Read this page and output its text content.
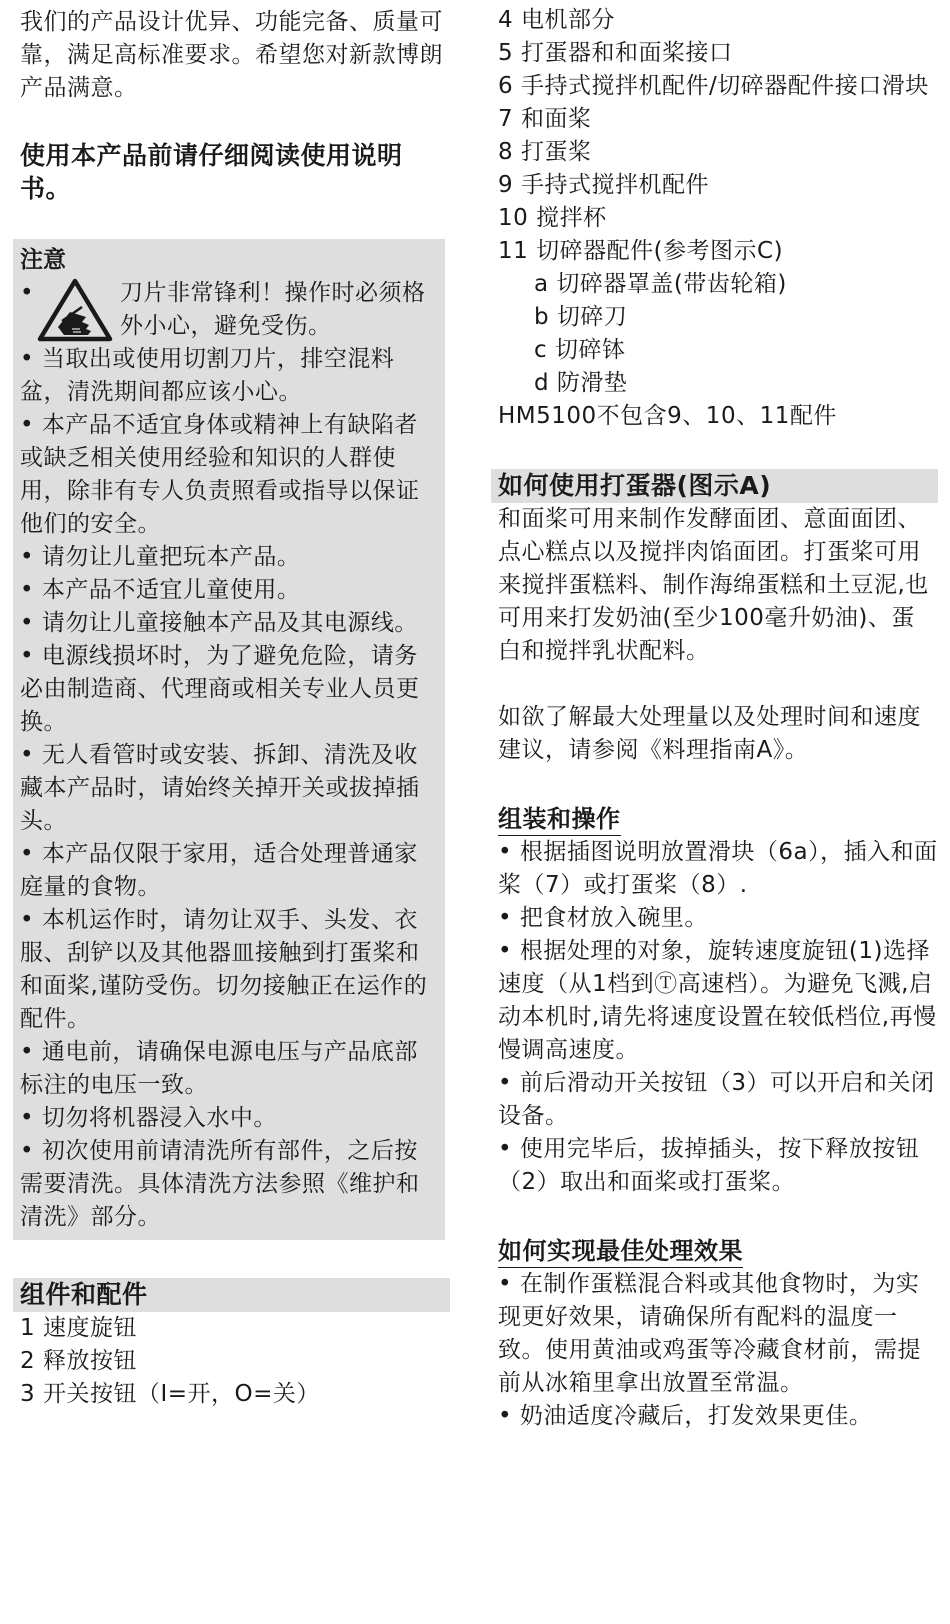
我们的产品设计优异、功能完备、质量可靠，满足高标准要求。希望您对新款博朗产品满意。

使用本产品前请仔细阅读使用说明书。

注意
•	刀片非常锋利！操作时必须格外小心，避免受伤。
• 当取出或使用切割刀片，排空混料盆，清洗期间都应该小心。
• 本产品不适宜身体或精神上有缺陷者或缺乏相关使用经验和知识的人群使用，除非有专人负责照看或指导以保证他们的安全。
• 请勿让儿童把玩本产品。
• 本产品不适宜儿童使用。
• 请勿让儿童接触本产品及其电源线。
• 电源线损坏时，为了避免危险，请务必由制造商、代理商或相关专业人员更换。
• 无人看管时或安装、拆卸、清洗及收藏本产品时，请始终关掉开关或拔掉插头。
• 本产品仅限于家用，适合处理普通家庭量的食物。
• 本机运作时，请勿让双手、头发、衣服、刮铲以及其他器皿接触到打蛋桨和和面桨,谨防受伤。切勿接触正在运作的配件。
• 通电前，请确保电源电压与产品底部标注的电压一致。
• 切勿将机器浸入水中。
• 初次使用前请清洗所有部件，之后按需要清洗。具体清洗方法参照《维护和清洗》部分。
组件和配件
1 速度旋钮
2 释放按钮
3 开关按钮（I=开，O=关）
4 电机部分
5 打蛋器和和面桨接口
6 手持式搅拌机配件/切碎器配件接口滑块
7 和面桨
8 打蛋桨
9 手持式搅拌机配件
10 搅拌杯
11 切碎器配件(参考图示C)
a 切碎器罩盖(带齿轮箱)
b 切碎刀
c 切碎钵
d 防滑垫
HM5100不包含9、10、11配件
如何使用打蛋器(图示A)

和面桨可用来制作发酵面团、意面面团、点心糕点以及搅拌肉馅面团。打蛋桨可用来搅拌蛋糕料、制作海绵蛋糕和土豆泥,也可用来打发奶油(至少100毫升奶油)、蛋白和搅拌乳状配料。

如欲了解最大处理量以及处理时间和速度建议，请参阅《料理指南A》。

组装和操作
• 根据插图说明放置滑块（6a），插入和面桨（7）或打蛋桨（8）.
• 把食材放入碗里。
• 根据处理的对象，旋转速度旋钮(1)选择速度（从1档到Ⓣ高速档）。为避免飞溅,启动本机时,请先将速度设置在较低档位,再慢慢调高速度。
• 前后滑动开关按钮（3）可以开启和关闭设备。
• 使用完毕后，拔掉插头，按下释放按钮（2）取出和面桨或打蛋桨。
如何实现最佳处理效果
• 在制作蛋糕混合料或其他食物时，为实现更好效果，请确保所有配料的温度一致。使用黄油或鸡蛋等冷藏食材前，需提前从冰箱里拿出放置至常温。
• 奶油适度冷藏后，打发效果更佳。
